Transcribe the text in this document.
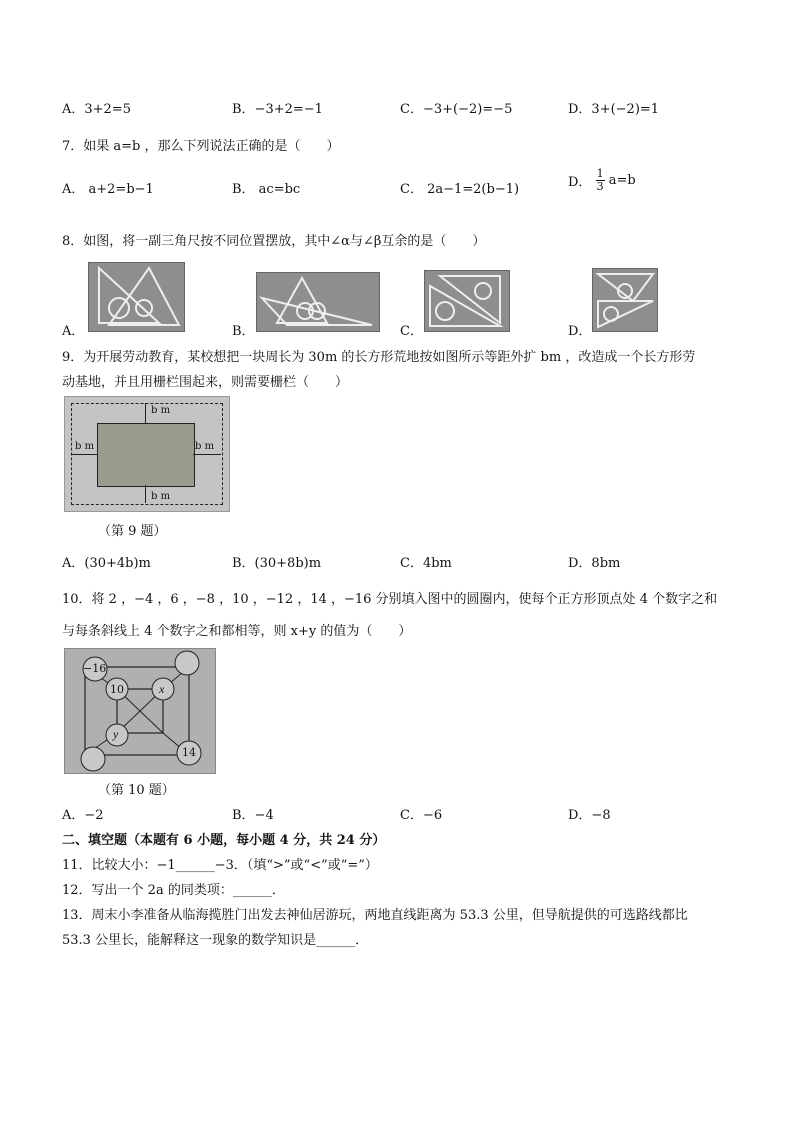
A．3+2=5	B．−3+2=−1	C．−3+(−2)=−5	D．3+(−2)=1
7．如果 a=b ，那么下列说法正确的是（　　）
A． a+2=b−1	B． ac=bc	C． 2a−1=2(b−1)	D． $\frac{1}{3} a=b$
8．如图，将一副三角尺按不同位置摆放，其中∠α与∠β互余的是（　　）
A．	B．	C．	D．
9．为开展劳动教育，某校想把一块周长为 30m 的长方形荒地按如图所示等距外扩 bm ，改造成一个长方形劳
动基地，并且用栅栏围起来，则需要栅栏（　　）
b m
b m	b m
b m
（第 9 题）
A．(30+4b)m	B．(30+8b)m	C．4bm	D．8bm
10．将 2 ，−4 ，6 ，−8 ，10 ，−12 ，14 ，−16 分别填入图中的圆圈内，使每个正方形顶点处 4 个数字之和
与每条斜线上 4 个数字之和都相等，则 x+y 的值为（　　）
−16
10	x
y
14
（第 10 题）
A．−2	B．−4	C．−6	D．−8
二、填空题（本题有 6 小题，每小题 4 分，共 24 分）
11．比较大小：−1______−3．（填“>”或“<”或“=”）
12．写出一个 2a 的同类项：______．
13．周末小李准备从临海揽胜门出发去神仙居游玩，两地直线距离为 53.3 公里，但导航提供的可选路线都比
53.3 公里长，能解释这一现象的数学知识是______．
